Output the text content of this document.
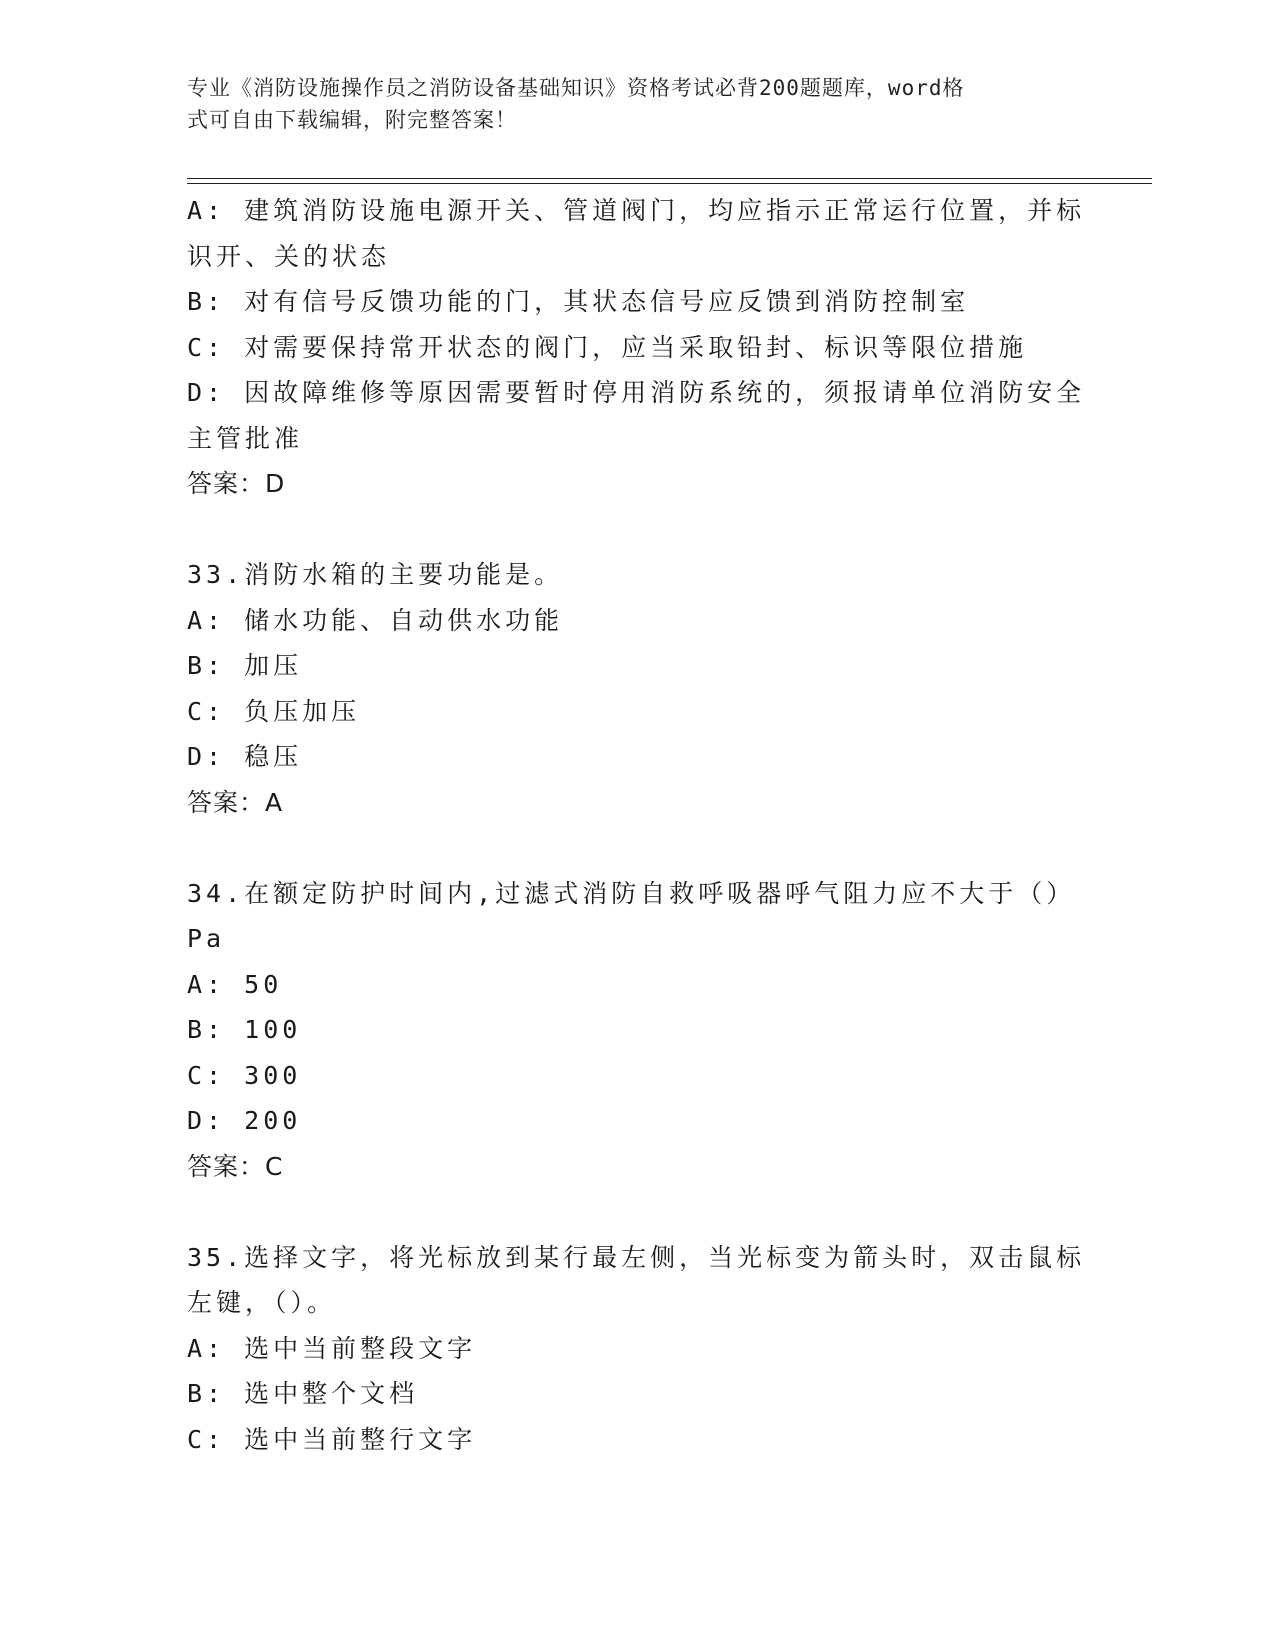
专业《消防设施操作员之消防设备基础知识》资格考试必背200题题库，word格
式可自由下载编辑，附完整答案！
A: 建筑消防设施电源开关、管道阀门，均应指示正常运行位置，并标
识开、关的状态
B: 对有信号反馈功能的门，其状态信号应反馈到消防控制室
C: 对需要保持常开状态的阀门，应当采取铅封、标识等限位措施
D: 因故障维修等原因需要暂时停用消防系统的，须报请单位消防安全
主管批准
答案：D
33.消防水箱的主要功能是。
A: 储水功能、自动供水功能
B: 加压
C: 负压加压
D: 稳压
答案：A
34.在额定防护时间内,过滤式消防自救呼吸器呼气阻力应不大于（）
Pa
A: 50
B: 100
C: 300
D: 200
答案：C
35.选择文字，将光标放到某行最左侧，当光标变为箭头时，双击鼠标
左键，（）。
A: 选中当前整段文字
B: 选中整个文档
C: 选中当前整行文字
